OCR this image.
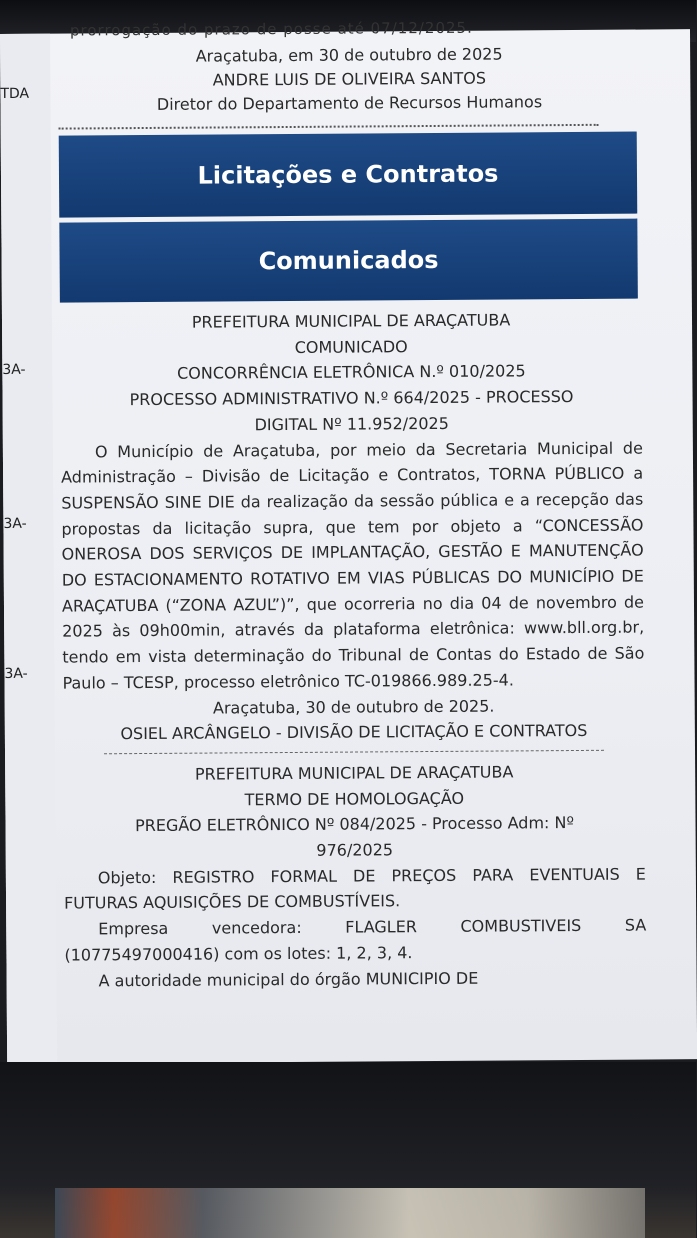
TDA
3A-
3A-
3A-
prorrogação do prazo de posse até 07/12/2025.
Araçatuba, em 30 de outubro de 2025
ANDRE LUIS DE OLIVEIRA SANTOS
Diretor do Departamento de Recursos Humanos
Licitações e Contratos
Comunicados
PREFEITURA MUNICIPAL DE ARAÇATUBA
COMUNICADO
CONCORRÊNCIA ELETRÔNICA N.º 010/2025
PROCESSO ADMINISTRATIVO N.º 664/2025 - PROCESSO
DIGITAL Nº 11.952/2025
O Município de Araçatuba, por meio da Secretaria Municipal de Administração – Divisão de Licitação e Contratos, TORNA PÚBLICO a SUSPENSÃO SINE DIE da realização da sessão pública e a recepção das propostas da licitação supra, que tem por objeto a “CONCESSÃO ONEROSA DOS SERVIÇOS DE IMPLANTAÇÃO, GESTÃO E MANUTENÇÃO DO ESTACIONAMENTO ROTATIVO EM VIAS PÚBLICAS DO MUNICÍPIO DE ARAÇATUBA (“ZONA AZUL”)”, que ocorreria no dia 04 de novembro de 2025 às 09h00min, através da plataforma eletrônica: www.bll.org.br, tendo em vista determinação do Tribunal de Contas do Estado de São Paulo – TCESP, processo eletrônico TC-019866.989.25-4.
Araçatuba, 30 de outubro de 2025.
OSIEL ARCÂNGELO - DIVISÃO DE LICITAÇÃO E CONTRATOS
PREFEITURA MUNICIPAL DE ARAÇATUBA
TERMO DE HOMOLOGAÇÃO
PREGÃO ELETRÔNICO Nº 084/2025 - Processo Adm: Nº
976/2025
Objeto: REGISTRO FORMAL DE PREÇOS PARA EVENTUAIS E FUTURAS AQUISIÇÕES DE COMBUSTÍVEIS.
Empresa vencedora: FLAGLER COMBUSTIVEIS SA (10775497000416) com os lotes: 1, 2, 3, 4.
A autoridade municipal do órgão MUNICIPIO DE
